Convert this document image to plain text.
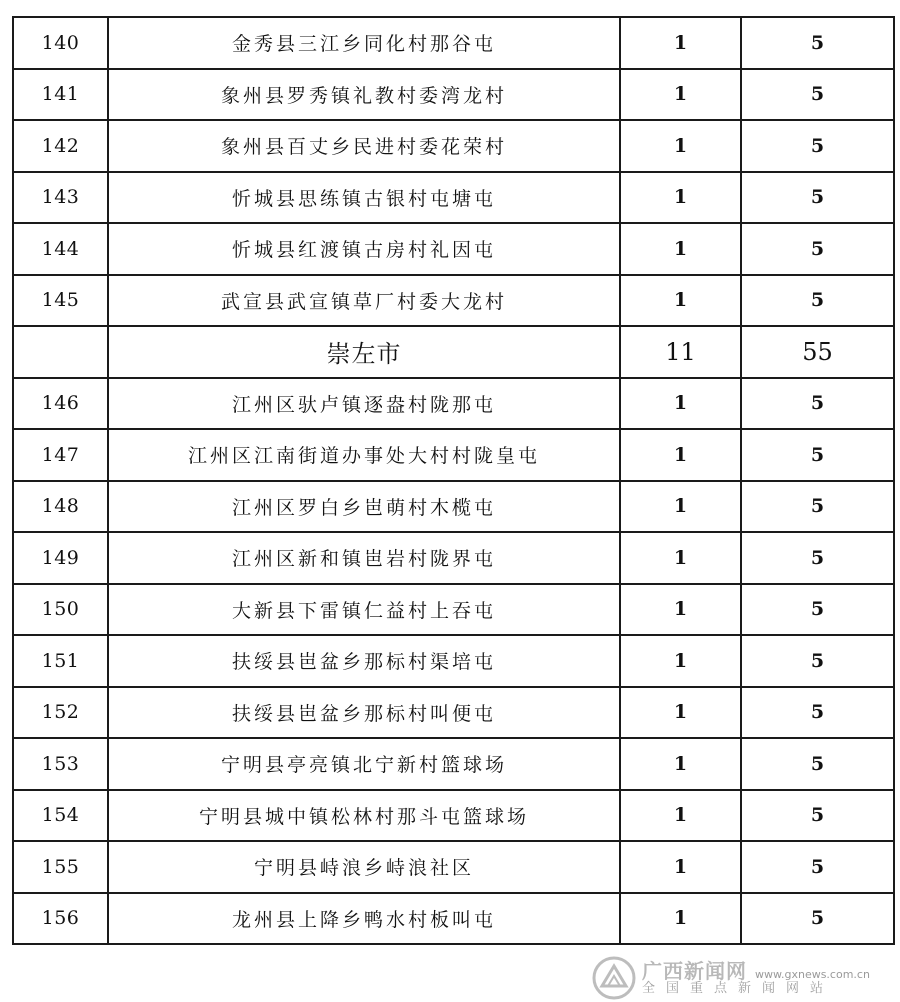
140	金秀县三江乡同化村那谷屯	1	5
141	象州县罗秀镇礼教村委湾龙村	1	5
142	象州县百丈乡民进村委花荣村	1	5
143	忻城县思练镇古银村屯塘屯	1	5
144	忻城县红渡镇古房村礼因屯	1	5
145	武宣县武宣镇草厂村委大龙村	1	5
	崇左市	11	55
146	江州区驮卢镇逐盎村陇那屯	1	5
147	江州区江南街道办事处大村村陇皇屯	1	5
148	江州区罗白乡岜萌村木榄屯	1	5
149	江州区新和镇岜岩村陇界屯	1	5
150	大新县下雷镇仁益村上吞屯	1	5
151	扶绥县岜盆乡那标村渠培屯	1	5
152	扶绥县岜盆乡那标村叫便屯	1	5
153	宁明县亭亮镇北宁新村篮球场	1	5
154	宁明县城中镇松林村那斗屯篮球场	1	5
155	宁明县峙浪乡峙浪社区	1	5
156	龙州县上降乡鸭水村板叫屯	1	5
广西新闻网 www.gxnews.com.cn
全国重点新闻网站
